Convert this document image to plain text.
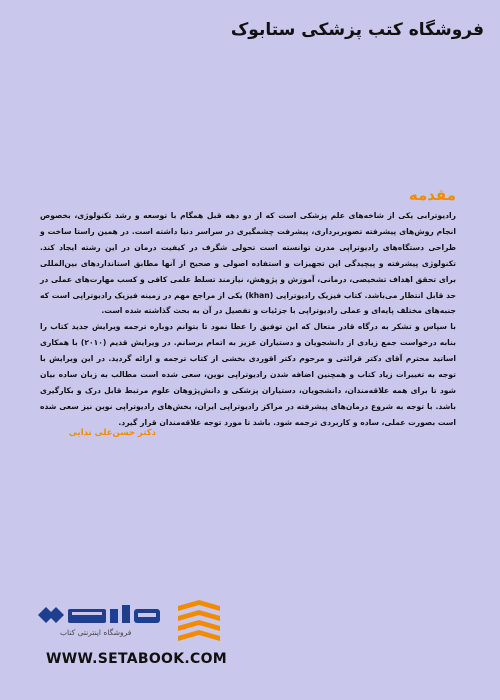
فروشگاه کتب پزشکی ستابوک
مقدمه

رادیوترابی یکی از شاخه‌های علم پزشکی است که از دو دهه قبل همگام با توسعه و رشد تکنولوژی، بخصوص انجام روش‌های پیشرفته تصویربرداری، پیشرفت چشمگیری در سراسر دنیا داشته است. در همین راستا ساخت و طراحی دستگاه‌های رادیوتراپی مدرن توانسته است تحولی شگرف در کیفیت درمان در این رشته ایجاد کند. تکنولوژی پیشرفته و پیچیدگی این تجهیزات و استفاده اصولی و صحیح از آنها مطابق استانداردهای بین‌المللی برای تحقق اهداف تشخیصی، درمانی، آموزش و پژوهش، نیازمند تسلط علمی کافی و کسب مهارت‌های عملی در حد قابل انتظار می‌باشد. کتاب فیزیک رادیوتراپی (khan) یکی از مراجع مهم در زمینه فیزیک رادیوتراپی است که جنبه‌های مختلف پایه‌ای و عملی رادیوتراپی با جزئیات و تفصیل در آن به بحث گذاشته شده است.

با سپاس و تشکر به درگاه قادر متعال که این توفیق را عطا نمود تا بتوانم دوباره ترجمه ویرایش جدید کتاب را بنابه درخواست جمع زیادی از دانشجویان و دستیاران عزیز به اتمام برسانم. در ویرایش قدیم (۲۰۱۰) با همکاری اساتید محترم آقای دکتر قرائتی و مرحوم دکتر اقوردی بخشی از کتاب ترجمه و ارائه گردید. در این ویرایش با توجه به تغییرات زیاد کتاب و همچنین اضافه شدن رادیوتراپی نوین، سعی شده است مطالب به زبان ساده بیان شود تا برای همه علاقه‌مندان، دانشجویان، دستیاران پزشکی و دانش‌پژوهان علوم مرتبط قابل درک و بکارگیری باشد. با توجه به شروع درمان‌های پیشرفته در مراکز رادیوتراپی ایران، بخش‌های رادیوتراپی نوین نیز سعی شده است بصورت عملی، ساده و کاربردی ترجمه شود. باشد تا مورد توجه علاقه‌مندان قرار گیرد.

دکتر حسن‌علی ندایی
فروشگاه اینترنتی کتاب
WWW.SETABOOK.COM
